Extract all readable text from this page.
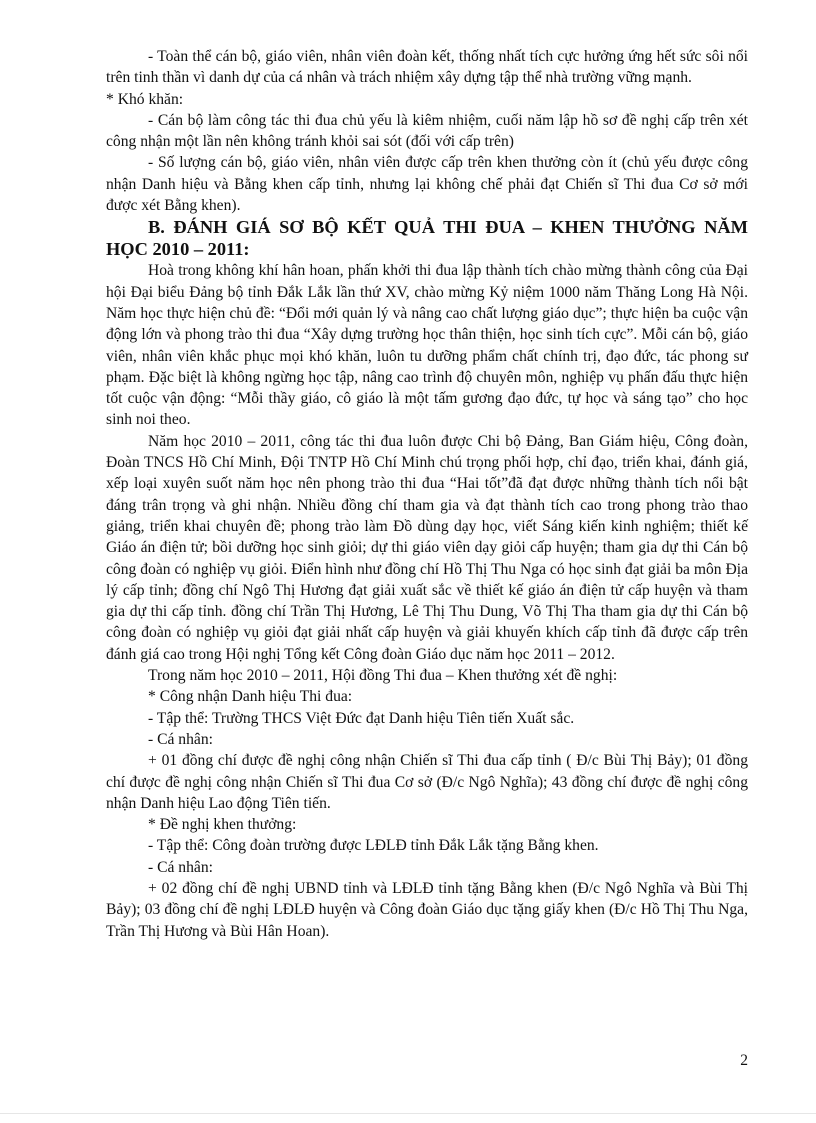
- Toàn thể cán bộ, giáo viên, nhân viên đoàn kết, thống nhất tích cực hưởng ứng hết sức sôi nổi trên tinh thần vì danh dự của cá nhân và trách nhiệm xây dựng tập thể nhà trường vững mạnh.

* Khó khăn:

- Cán bộ làm công tác thi đua chủ yếu là kiêm nhiệm, cuối năm lập hồ sơ đề nghị cấp trên xét công nhận một lần nên không tránh khỏi sai sót (đối với cấp trên)

- Số lượng cán bộ, giáo viên, nhân viên được cấp trên khen thưởng còn ít (chủ yếu được công nhận Danh hiệu và Bằng khen cấp tỉnh, nhưng lại không chế phải đạt Chiến sĩ Thi đua Cơ sở mới được xét Bằng khen).

B. ĐÁNH GIÁ SƠ BỘ KẾT QUẢ THI ĐUA – KHEN THƯỞNG NĂM HỌC 2010 – 2011:

Hoà trong không khí hân hoan, phấn khởi thi đua lập thành tích chào mừng thành công của Đại hội Đại biểu Đảng bộ tỉnh Đắk Lắk lần thứ XV, chào mừng Kỷ niệm 1000 năm Thăng Long Hà Nội. Năm học thực hiện chủ đề: “Đổi mới quản lý và nâng cao chất lượng giáo dục”; thực hiện ba cuộc vận động lớn và phong trào thi đua “Xây dựng trường học thân thiện, học sinh tích cực”. Mỗi cán bộ, giáo viên, nhân viên khắc phục mọi khó khăn, luôn tu dưỡng phẩm chất chính trị, đạo đức, tác phong sư phạm. Đặc biệt là không ngừng học tập, nâng cao trình độ chuyên môn, nghiệp vụ phấn đấu thực hiện tốt cuộc vận động: “Mỗi thầy giáo, cô giáo là một tấm gương đạo đức, tự học và sáng tạo” cho học sinh noi theo.

Năm học 2010 – 2011, công tác thi đua luôn được Chi bộ Đảng, Ban Giám hiệu, Công đoàn, Đoàn TNCS Hồ Chí Minh, Đội TNTP Hồ Chí Minh chú trọng phối hợp, chỉ đạo, triển khai, đánh giá, xếp loại xuyên suốt năm học nên phong trào thi đua “Hai tốt”đã đạt được những thành tích nổi bật đáng trân trọng và ghi nhận. Nhiều đồng chí tham gia và đạt thành tích cao trong phong trào thao giảng, triển khai chuyên đề; phong trào làm Đồ dùng dạy học, viết Sáng kiến kinh nghiệm; thiết kế Giáo án điện tử; bồi dưỡng học sinh giỏi; dự thi giáo viên dạy giỏi cấp huyện; tham gia dự thi Cán bộ công đoàn có nghiệp vụ giỏi. Điển hình như đồng chí Hồ Thị Thu Nga có học sinh đạt giải ba môn Địa lý cấp tỉnh; đồng chí Ngô Thị Hương đạt giải xuất sắc về thiết kế giáo án điện tử cấp huyện và tham gia dự thi cấp tỉnh. đồng chí Trần Thị Hương, Lê Thị Thu Dung, Võ Thị Tha tham gia dự thi Cán bộ công đoàn có nghiệp vụ giỏi đạt giải nhất cấp huyện và giải khuyến khích cấp tỉnh đã được cấp trên đánh giá cao trong Hội nghị Tổng kết Công đoàn Giáo dục năm học 2011 – 2012.

Trong năm học 2010 – 2011, Hội đồng Thi đua – Khen thưởng xét đề nghị:

* Công nhận Danh hiệu Thi đua:

- Tập thể: Trường THCS Việt Đức đạt Danh hiệu Tiên tiến Xuất sắc.

- Cá nhân:

+ 01 đồng chí được đề nghị công nhận Chiến sĩ Thi đua cấp tỉnh ( Đ/c Bùi Thị Bảy); 01 đồng chí được đề nghị công nhận Chiến sĩ Thi đua Cơ sở (Đ/c Ngô Nghĩa); 43 đồng chí được đề nghị công nhận Danh hiệu Lao động Tiên tiến.

* Đề nghị khen thưởng:

- Tập thể: Công đoàn trường được LĐLĐ tỉnh Đắk Lắk tặng Bằng khen.

- Cá nhân:

+ 02 đồng chí đề nghị UBND tỉnh và LĐLĐ tỉnh tặng Bằng khen (Đ/c Ngô Nghĩa và Bùi Thị Bảy); 03 đồng chí đề nghị LĐLĐ huyện và Công đoàn Giáo dục tặng giấy khen (Đ/c Hồ Thị Thu Nga, Trần Thị Hương và Bùi Hân Hoan).

2
